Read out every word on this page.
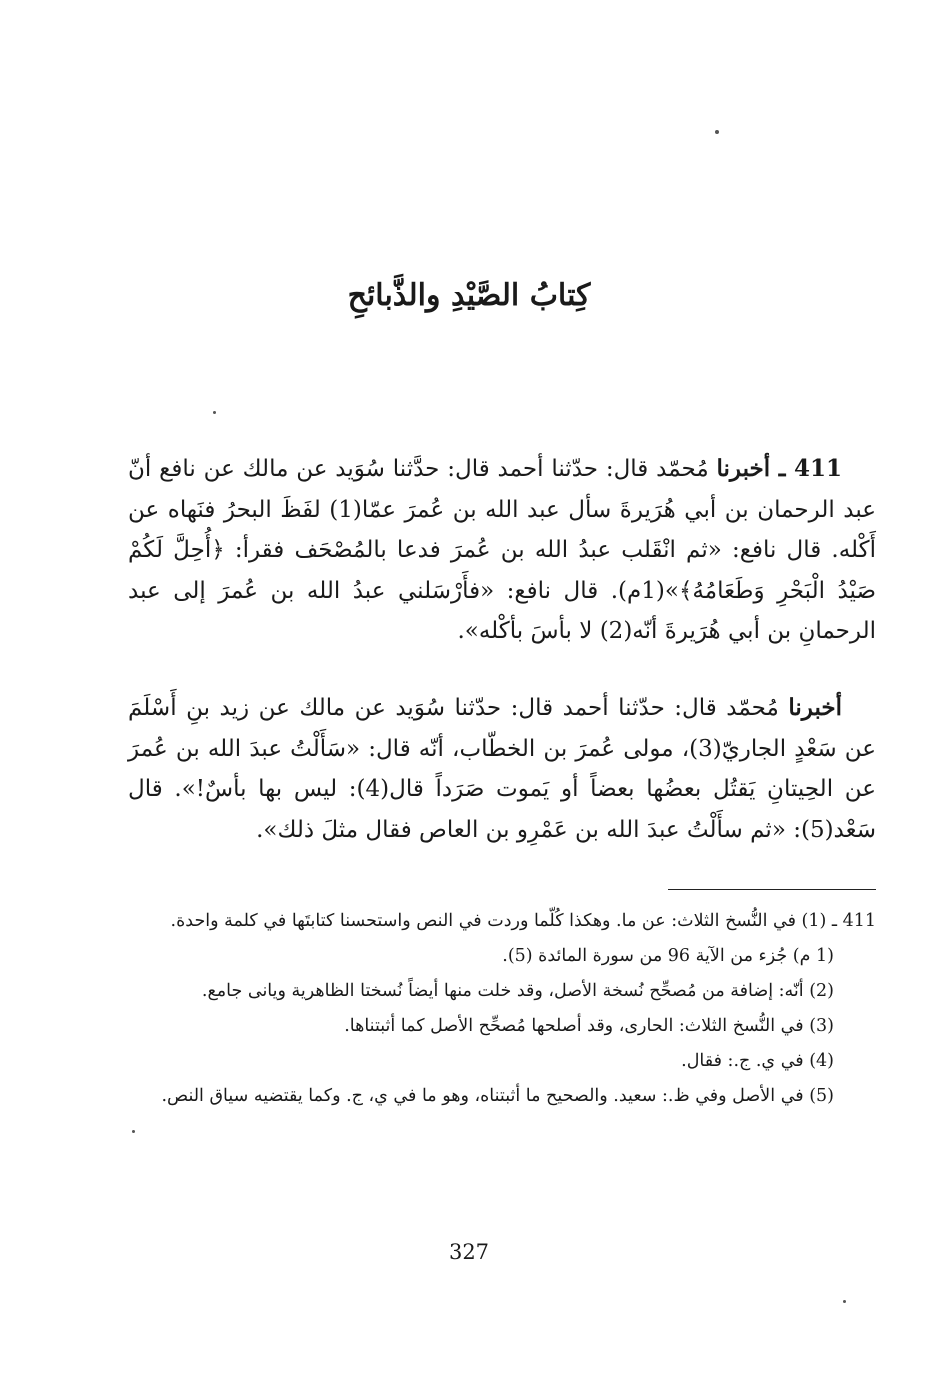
كِتابُ الصَّيْدِ والذَّبائحِ

411 ـ أخبرنا مُحمّد قال: حدّثنا أحمد قال: حدَّثنا سُوَيد عن مالك عن نافع أنّ عبد الرحمان بن أبي هُرَيرةَ سأل عبد الله بن عُمرَ عمّا(1) لفَظَ البحرُ فنَهاه عن أَكْله. قال نافع: «ثم انْقَلب عبدُ الله بن عُمرَ فدعا بالمُصْحَف فقرأ: ﴿أُحِلَّ لَكُمْ صَيْدُ الْبَحْرِ وَطَعَامُهُ﴾»(1م). قال نافع: «فأَرْسَلني عبدُ الله بن عُمرَ إلى عبد الرحمانِ بن أبي هُرَيرةَ أنّه(2) لا بأسَ بأكْله».

أخبرنا مُحمّد قال: حدّثنا أحمد قال: حدّثنا سُوَيد عن مالك عن زيد بنِ أَسْلَمَ عن سَعْدٍ الجاريّ(3)، مولى عُمرَ بن الخطّاب، أنّه قال: «سَأَلْتُ عبدَ الله بن عُمرَ عن الحِيتانِ يَقتُل بعضُها بعضاً أو يَموت صَرَداً قال(4): ليس بها بأسٌ!». قال سَعْد(5): «ثم سأَلْتُ عبدَ الله بن عَمْرِو بن العاص فقال مثلَ ذلك».

411 ـ (1) في النُّسخ الثلاث: عن ما. وهكذا كُلّما وردت في النص واستحسنا كتابتَها في كلمة واحدة.

(1 م) جُزء من الآية 96 من سورة المائدة (5).

(2) أنّه: إضافة من مُصحِّح نُسخة الأصل، وقد خلت منها أيضاً نُسختا الظاهرية ويانى جامع.

(3) في النُّسخ الثلاث: الحارى، وقد أصلحها مُصحِّح الأصل كما أثبتناها.

(4) في ي. ج.: فقال.

(5) في الأصل وفي ظ.: سعيد. والصحيح ما أثبتناه، وهو ما في ي، ج. وكما يقتضيه سياق النص.

327
